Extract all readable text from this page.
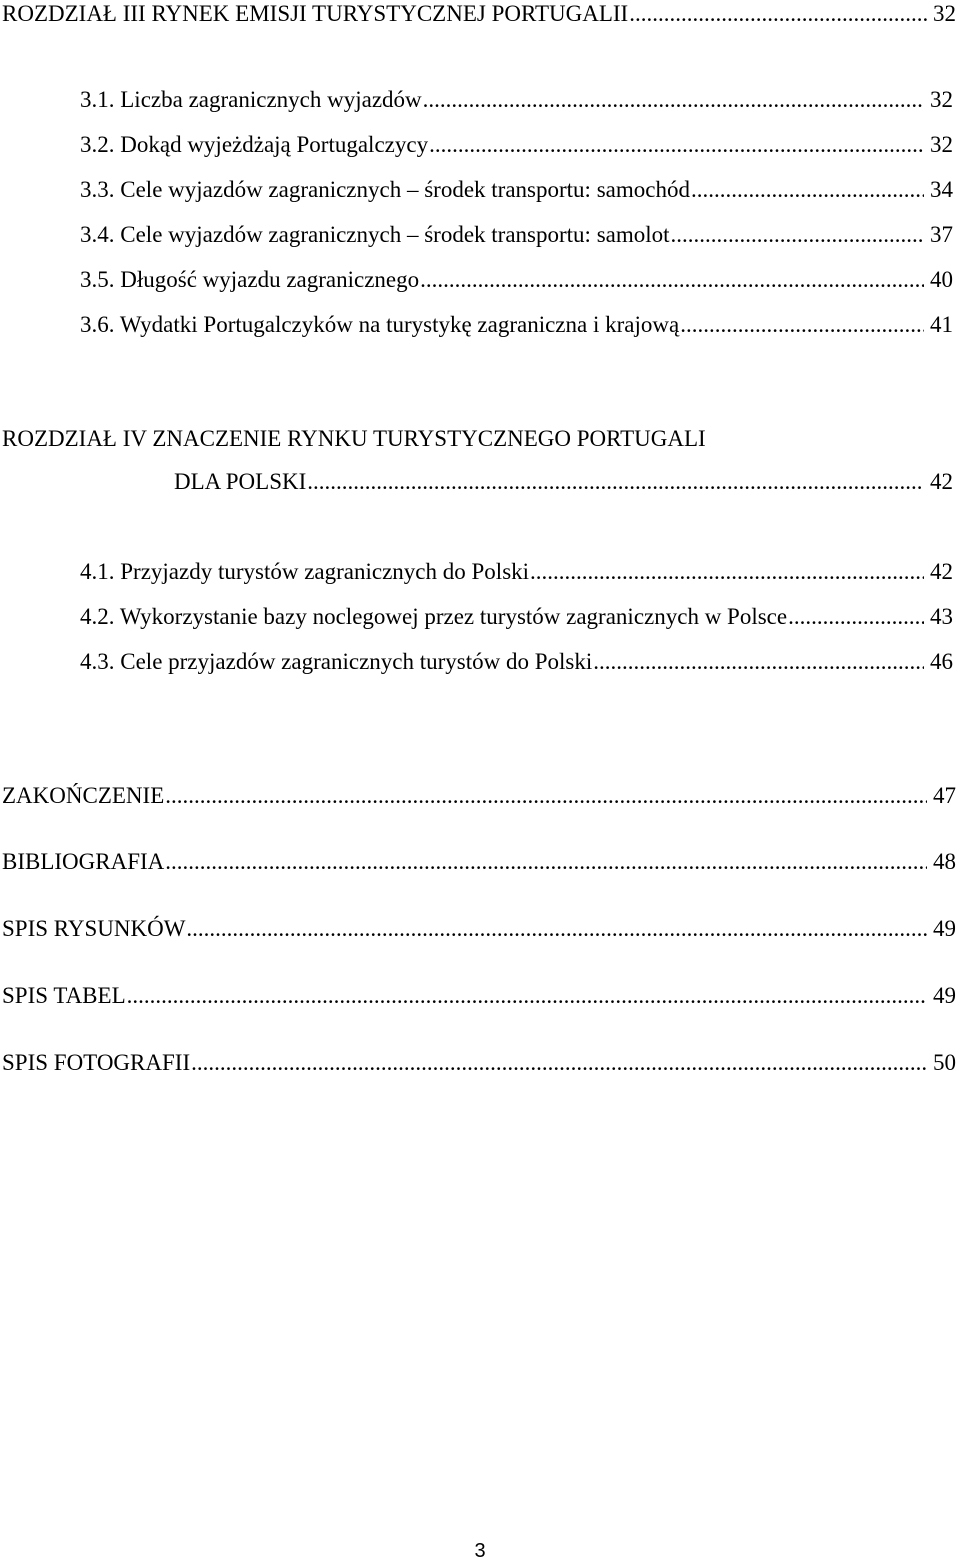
ROZDZIAŁ III RYNEK EMISJI TURYSTYCZNEJ PORTUGALII .....	32
3.1. Liczba zagranicznych wyjazdów .....	32
3.2. Dokąd wyjeżdżają Portugalczycy .....	32
3.3. Cele wyjazdów zagranicznych – środek transportu: samochód .....	34
3.4. Cele wyjazdów zagranicznych – środek transportu: samolot .....	37
3.5. Długość wyjazdu zagranicznego .....	40
3.6. Wydatki Portugalczyków na turystykę zagraniczna i krajową .....	41
ROZDZIAŁ IV ZNACZENIE RYNKU TURYSTYCZNEGO PORTUGALI
DLA POLSKI .....	42
4.1. Przyjazdy turystów zagranicznych do Polski .....	42
4.2. Wykorzystanie bazy noclegowej przez turystów zagranicznych w Polsce .....	43
4.3. Cele przyjazdów zagranicznych turystów do Polski .....	46
ZAKOŃCZENIE .....	47
BIBLIOGRAFIA .....	48
SPIS RYSUNKÓW .....	49
SPIS TABEL .....	49
SPIS FOTOGRAFII .....	50
3
